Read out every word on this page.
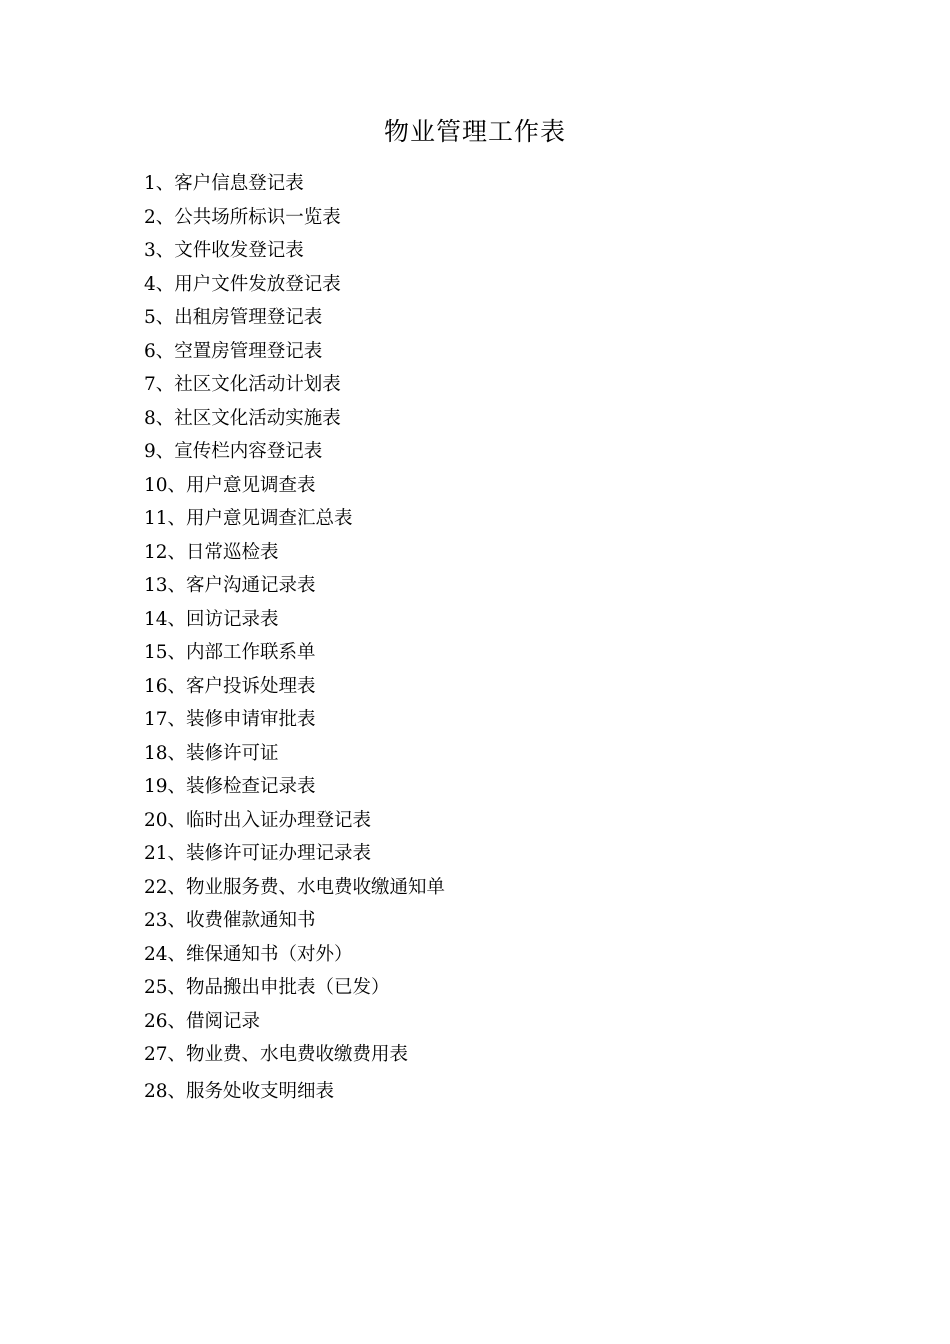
物业管理工作表
1、客户信息登记表
2、公共场所标识一览表
3、文件收发登记表
4、用户文件发放登记表
5、出租房管理登记表
6、空置房管理登记表
7、社区文化活动计划表
8、社区文化活动实施表
9、宣传栏内容登记表
10、用户意见调查表
11、用户意见调查汇总表
12、日常巡检表
13、客户沟通记录表
14、回访记录表
15、内部工作联系单
16、客户投诉处理表
17、装修申请审批表
18、装修许可证
19、装修检查记录表
20、临时出入证办理登记表
21、装修许可证办理记录表
22、物业服务费、水电费收缴通知单
23、收费催款通知书
24、维保通知书（对外）
25、物品搬出申批表（已发）
26、借阅记录
27、物业费、水电费收缴费用表
28、服务处收支明细表
